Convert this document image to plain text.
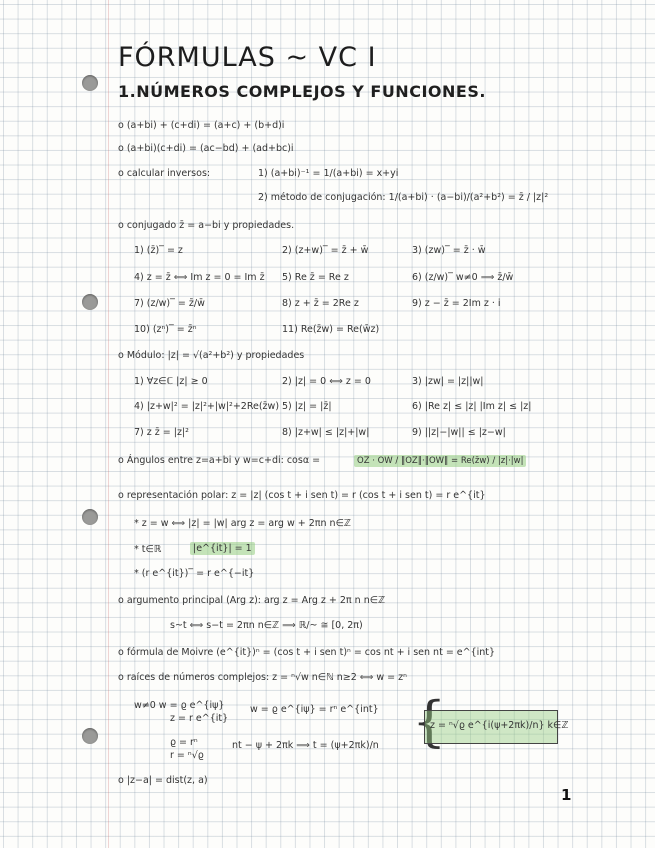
FÓRMULAS ~ VC I
1.NÚMEROS COMPLEJOS Y FUNCIONES.
o (a+bi) + (c+di) = (a+c) + (b+d)i
o (a+bi)(c+di) = (ac−bd) + (ad+bc)i
o calcular inversos:	1) (a+bi)⁻¹ = 1/(a+bi) = x+yi
2) método de conjugación: 1/(a+bi) · (a−bi)/(a²+b²) = z̄ / |z|²
o conjugado z̄ = a−bi y propiedades.
1) (z̄)‾ = z	2) (z+w)‾ = z̄ + w̄	3) (zw)‾ = z̄ · w̄
4) z = z̄ ⟺ Im z = 0 = Im z̄ 5) Re z̄ = Re z	6) (z/w)‾ w≠0 ⟹ z̄/w̄
7) (z/w)‾ = z̄/w̄	8) z + z̄ = 2Re z	9) z − z̄ = 2Im z · i
10) (zⁿ)‾ = z̄ⁿ	11) Re(z̄w) = Re(w̄z)
o Módulo: |z| = √(a²+b²) y propiedades
1) ∀z∈ℂ |z| ≥ 0	2) |z| = 0 ⟺ z = 0	3) |zw| = |z||w|
4) |z+w|² = |z|²+|w|²+2Re(z̄w) 5) |z| = |z̄|	6) |Re z| ≤ |z| |Im z| ≤ |z|
7) z z̄ = |z|²	8) |z+w| ≤ |z|+|w|	9) ||z|−|w|| ≤ |z−w|
o Ángulos entre z=a+bi y w=c+di: cosα =	OZ · OW / ‖OZ‖·‖OW‖ = Re(z̄w) / |z|·|w|
o representación polar: z = |z| (cos t + i sen t) = r (cos t + i sen t) = r e^{it}
* z = w ⟺ |z| = |w| arg z = arg w + 2πn n∈ℤ
* t∈ℝ	|e^{it}| = 1
* (r e^{it})‾ = r e^{−it}
o argumento principal (Arg z): arg z = Arg z + 2π n n∈ℤ
s~t ⟺ s−t = 2πn n∈ℤ ⟹ ℝ/~ ≅ [0, 2π)
o fórmula de Moivre (e^{it})ⁿ = (cos t + i sen t)ⁿ = cos nt + i sen nt = e^{int}
o raíces de números complejos: z = ⁿ√w n∈ℕ n≥2 ⟺ w = zⁿ
w≠0 w = ϱ e^{iψ}
z = r e^{it}
w = ϱ e^{iψ} = rⁿ e^{int}
ϱ = rⁿ
r = ⁿ√ϱ
nt − ψ + 2πk ⟹ t = (ψ+2πk)/n {
z = ⁿ√ϱ e^{i(ψ+2πk)/n} k∈ℤ
o |z−a| = dist(z, a)
1
